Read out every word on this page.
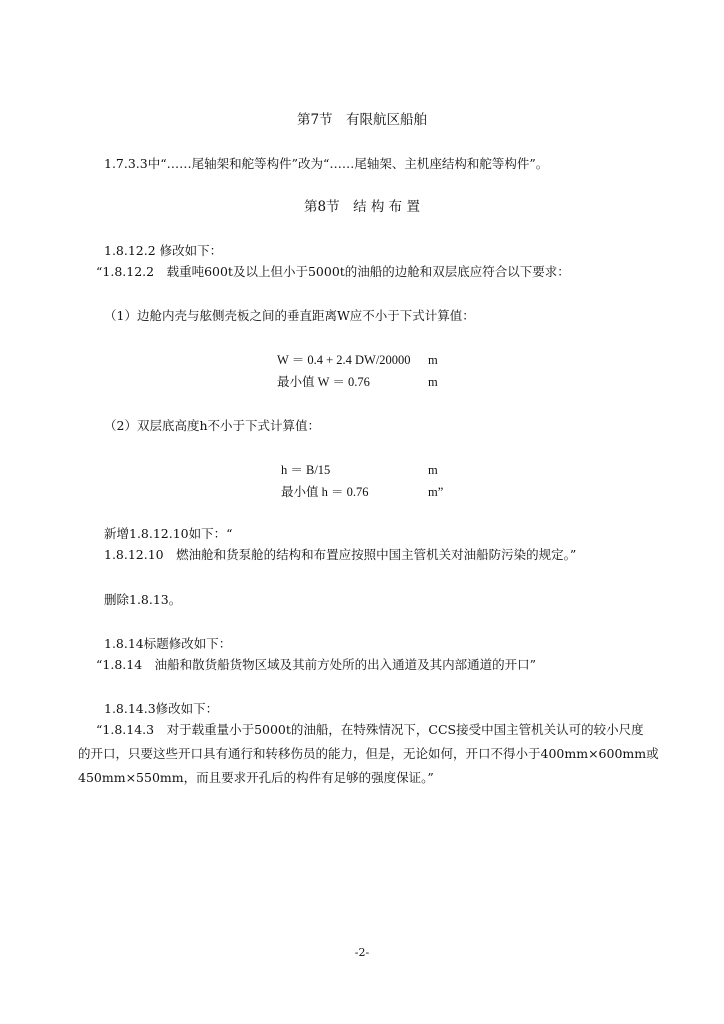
第7节　有限航区船舶
1.7.3.3中“……尾轴架和舵等构件”改为“……尾轴架、主机座结构和舵等构件”。
第8节　结 构 布 置
1.8.12.2 修改如下：
“1.8.12.2　载重吨600t及以上但小于5000t的油船的边舱和双层底应符合以下要求：
（1）边舱内壳与舷侧壳板之间的垂直距离W应不小于下式计算值：
W ＝ 0.4 + 2.4 DW/20000 m
最小值 W ＝ 0.76	m
（2）双层底高度h不小于下式计算值：
h ＝ B/15	m
最小值 h ＝ 0.76	m”
新增1.8.12.10如下：“
1.8.12.10　燃油舱和货泵舱的结构和布置应按照中国主管机关对油船防污染的规定。”
删除1.8.13。
1.8.14标题修改如下：
“1.8.14　油船和散货船货物区域及其前方处所的出入通道及其内部通道的开口”
1.8.14.3修改如下：
“1.8.14.3　对于载重量小于5000t的油船，在特殊情况下，CCS接受中国主管机关认可的较小尺度
的开口，只要这些开口具有通行和转移伤员的能力，但是，无论如何，开口不得小于400mm×600mm或
450mm×550mm，而且要求开孔后的构件有足够的强度保证。”
-2-
